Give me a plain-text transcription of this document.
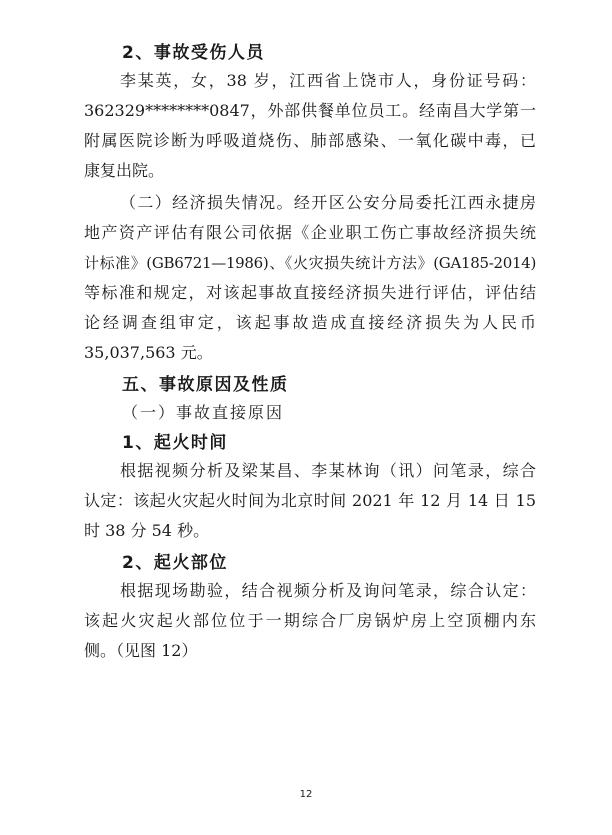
2、事故受伤人员
李某英，女，38 岁，江西省上饶市人，身份证号码：
362329********0847，外部供餐单位员工。经南昌大学第一
附属医院诊断为呼吸道烧伤、肺部感染、一氧化碳中毒，已
康复出院。
（二）经济损失情况。经开区公安分局委托江西永捷房
地产资产评估有限公司依据《企业职工伤亡事故经济损失统
计标准》(GB6721—1986)、《火灾损失统计方法》(GA185-2014)
等标准和规定，对该起事故直接经济损失进行评估，评估结
论经调查组审定，该起事故造成直接经济损失为人民币
35,037,563 元。
五、事故原因及性质
（一）事故直接原因
1、起火时间
根据视频分析及梁某昌、李某林询（讯）问笔录，综合
认定：该起火灾起火时间为北京时间 2021 年 12 月 14 日 15
时 38 分 54 秒。
2、起火部位
根据现场勘验，结合视频分析及询问笔录，综合认定：
该起火灾起火部位位于一期综合厂房锅炉房上空顶棚内东
侧。（见图 12）
12
